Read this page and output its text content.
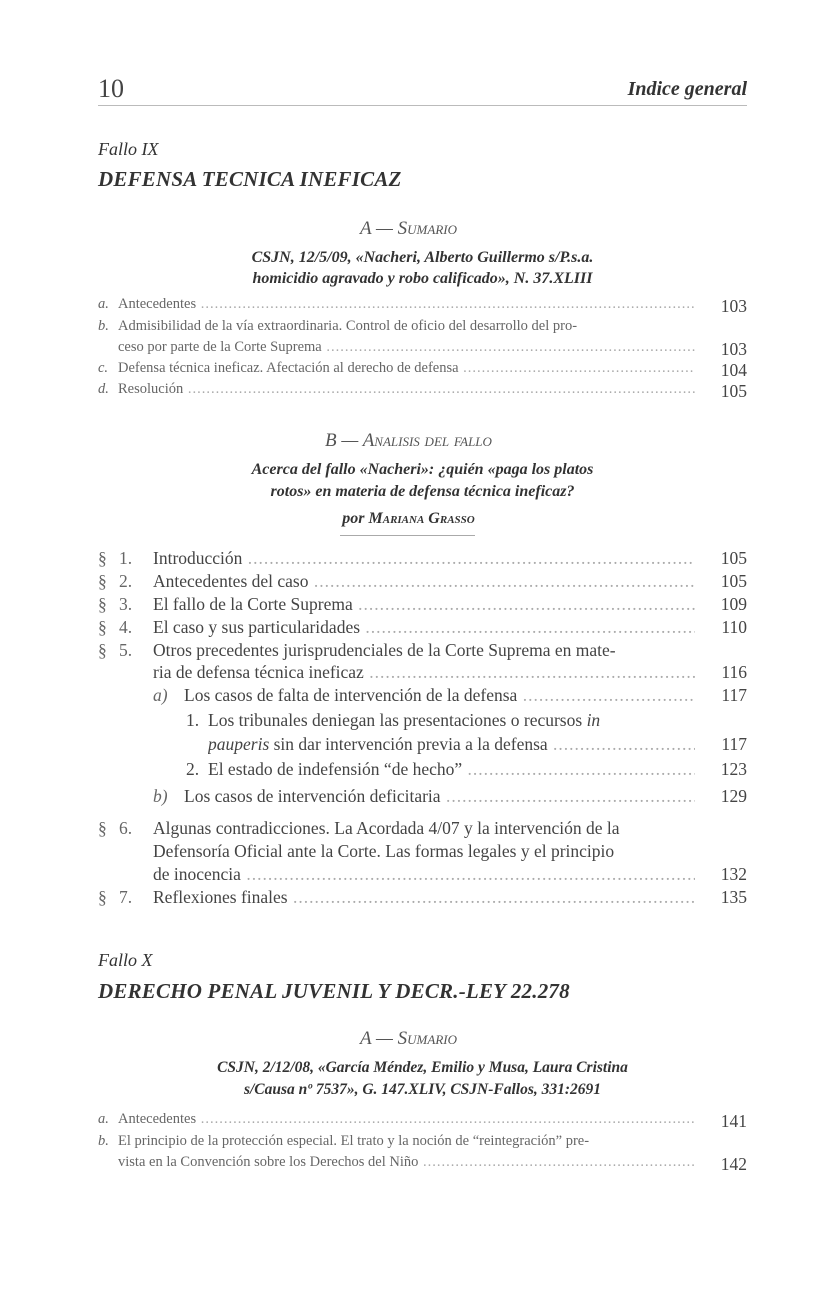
10	Indice general
Fallo IX
DEFENSA TECNICA INEFICAZ
A — Sumario
CSJN, 12/5/09, «Nacheri, Alberto Guillermo s/P.s.a.
homicidio agravado y robo calificado», N. 37.XLIII
a. Antecedentes .....	103
b. Admisibilidad de la vía extraordinaria. Control de oficio del desarrollo del pro-
ceso por parte de la Corte Suprema .....	103
c. Defensa técnica ineficaz. Afectación al derecho de defensa .....	104
d. Resolución .....	105
B — Analisis del fallo
Acerca del fallo «Nacheri»: ¿quién «paga los platos
rotos» en materia de defensa técnica ineficaz?
por Mariana Grasso
§ 1. Introducción .....	105
§ 2. Antecedentes del caso .....	105
§ 3. El fallo de la Corte Suprema .....	109
§ 4. El caso y sus particularidades .....	110
§ 5. Otros precedentes jurisprudenciales de la Corte Suprema en mate-
ria de defensa técnica ineficaz .....	116
a) Los casos de falta de intervención de la defensa .....	117
1. Los tribunales deniegan las presentaciones o recursos in
pauperis sin dar intervención previa a la defensa .....	117
2. El estado de indefensión “de hecho” .....	123
b) Los casos de intervención deficitaria .....	129
§ 6. Algunas contradicciones. La Acordada 4/07 y la intervención de la
Defensoría Oficial ante la Corte. Las formas legales y el principio
de inocencia .....	132
§ 7. Reflexiones finales .....	135
Fallo X
DERECHO PENAL JUVENIL Y DECR.-LEY 22.278
A — Sumario
CSJN, 2/12/08, «García Méndez, Emilio y Musa, Laura Cristina
s/Causa nº 7537», G. 147.XLIV, CSJN-Fallos, 331:2691
a. Antecedentes .....	141
b. El principio de la protección especial. El trato y la noción de “reintegración” pre-
vista en la Convención sobre los Derechos del Niño .....	142
